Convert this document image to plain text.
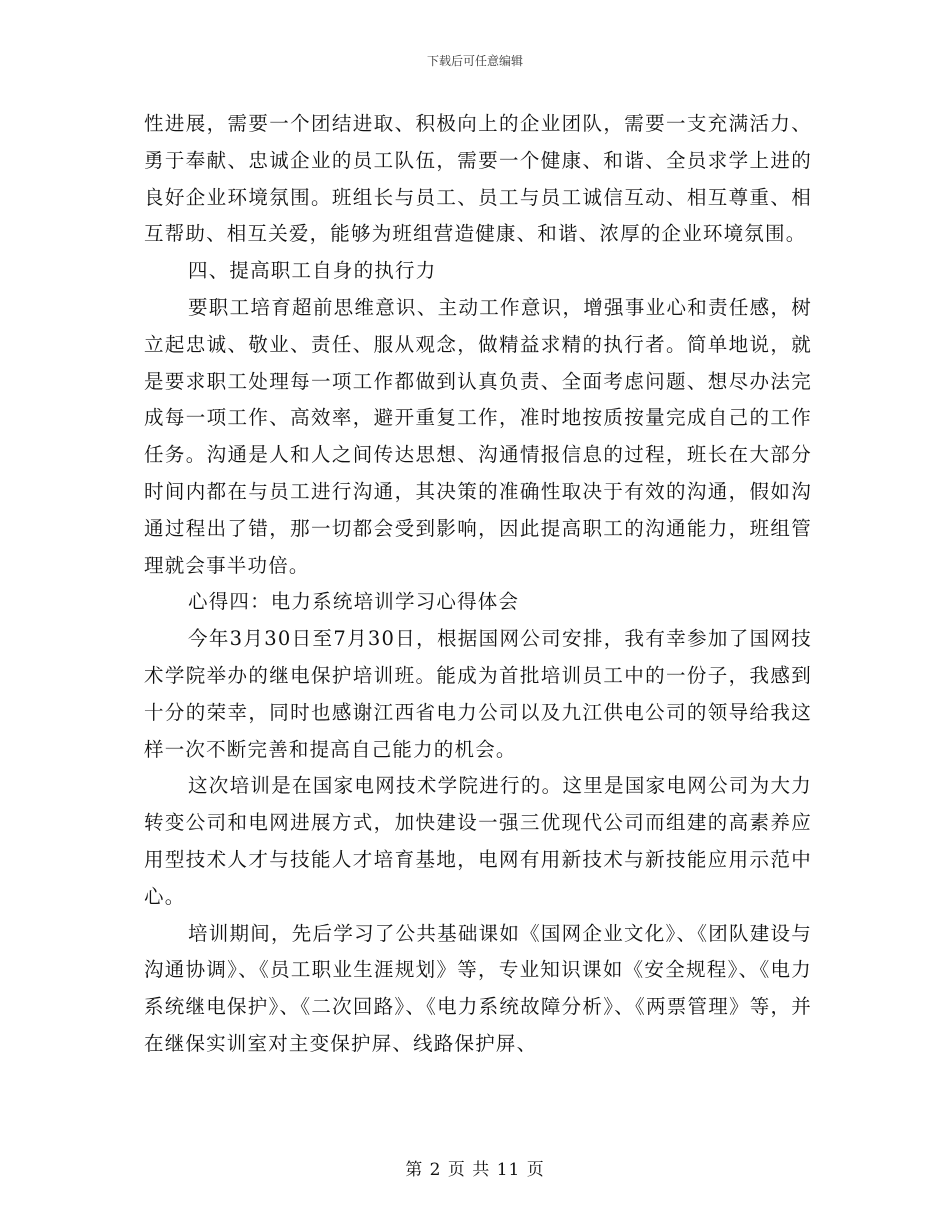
下载后可任意编辑

性进展，需要一个团结进取、积极向上的企业团队，需要一支充满活力、勇于奉献、忠诚企业的员工队伍，需要一个健康、和谐、全员求学上进的良好企业环境氛围。班组长与员工、员工与员工诚信互动、相互尊重、相互帮助、相互关爱，能够为班组营造健康、和谐、浓厚的企业环境氛围。

四、提高职工自身的执行力

要职工培育超前思维意识、主动工作意识，增强事业心和责任感，树立起忠诚、敬业、责任、服从观念，做精益求精的执行者。简单地说，就是要求职工处理每一项工作都做到认真负责、全面考虑问题、想尽办法完成每一项工作、高效率，避开重复工作，准时地按质按量完成自己的工作任务。沟通是人和人之间传达思想、沟通情报信息的过程，班长在大部分时间内都在与员工进行沟通，其决策的准确性取决于有效的沟通，假如沟通过程出了错，那一切都会受到影响，因此提高职工的沟通能力，班组管理就会事半功倍。

心得四：电力系统培训学习心得体会

今年3月30日至7月30日，根据国网公司安排，我有幸参加了国网技术学院举办的继电保护培训班。能成为首批培训员工中的一份子，我感到十分的荣幸，同时也感谢江西省电力公司以及九江供电公司的领导给我这样一次不断完善和提高自己能力的机会。

这次培训是在国家电网技术学院进行的。这里是国家电网公司为大力转变公司和电网进展方式，加快建设一强三优现代公司而组建的高素养应用型技术人才与技能人才培育基地，电网有用新技术与新技能应用示范中心。

培训期间，先后学习了公共基础课如《国网企业文化》、《团队建设与沟通协调》、《员工职业生涯规划》等，专业知识课如《安全规程》、《电力系统继电保护》、《二次回路》、《电力系统故障分析》、《两票管理》等，并在继保实训室对主变保护屏、线路保护屏、

第 2 页 共 11 页
